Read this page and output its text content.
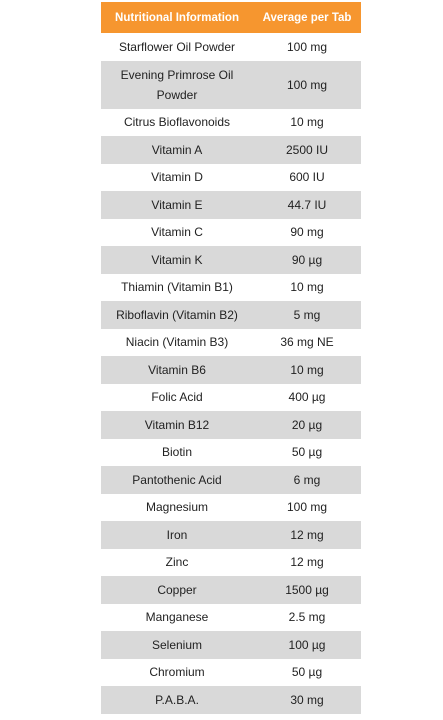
Nutritional Information	Average per Tab
Starflower Oil Powder	100 mg
Evening Primrose Oil Powder	100 mg
Citrus Bioflavonoids	10 mg
Vitamin A	2500 IU
Vitamin D	600 IU
Vitamin E	44.7 IU
Vitamin C	90 mg
Vitamin K	90 µg
Thiamin (Vitamin B1)	10 mg
Riboflavin (Vitamin B2)	5 mg
Niacin (Vitamin B3)	36 mg NE
Vitamin B6	10 mg
Folic Acid	400 µg
Vitamin B12	20 µg
Biotin	50 µg
Pantothenic Acid	6 mg
Magnesium	100 mg
Iron	12 mg
Zinc	12 mg
Copper	1500 µg
Manganese	2.5 mg
Selenium	100 µg
Chromium	50 µg
P.A.B.A.	30 mg
